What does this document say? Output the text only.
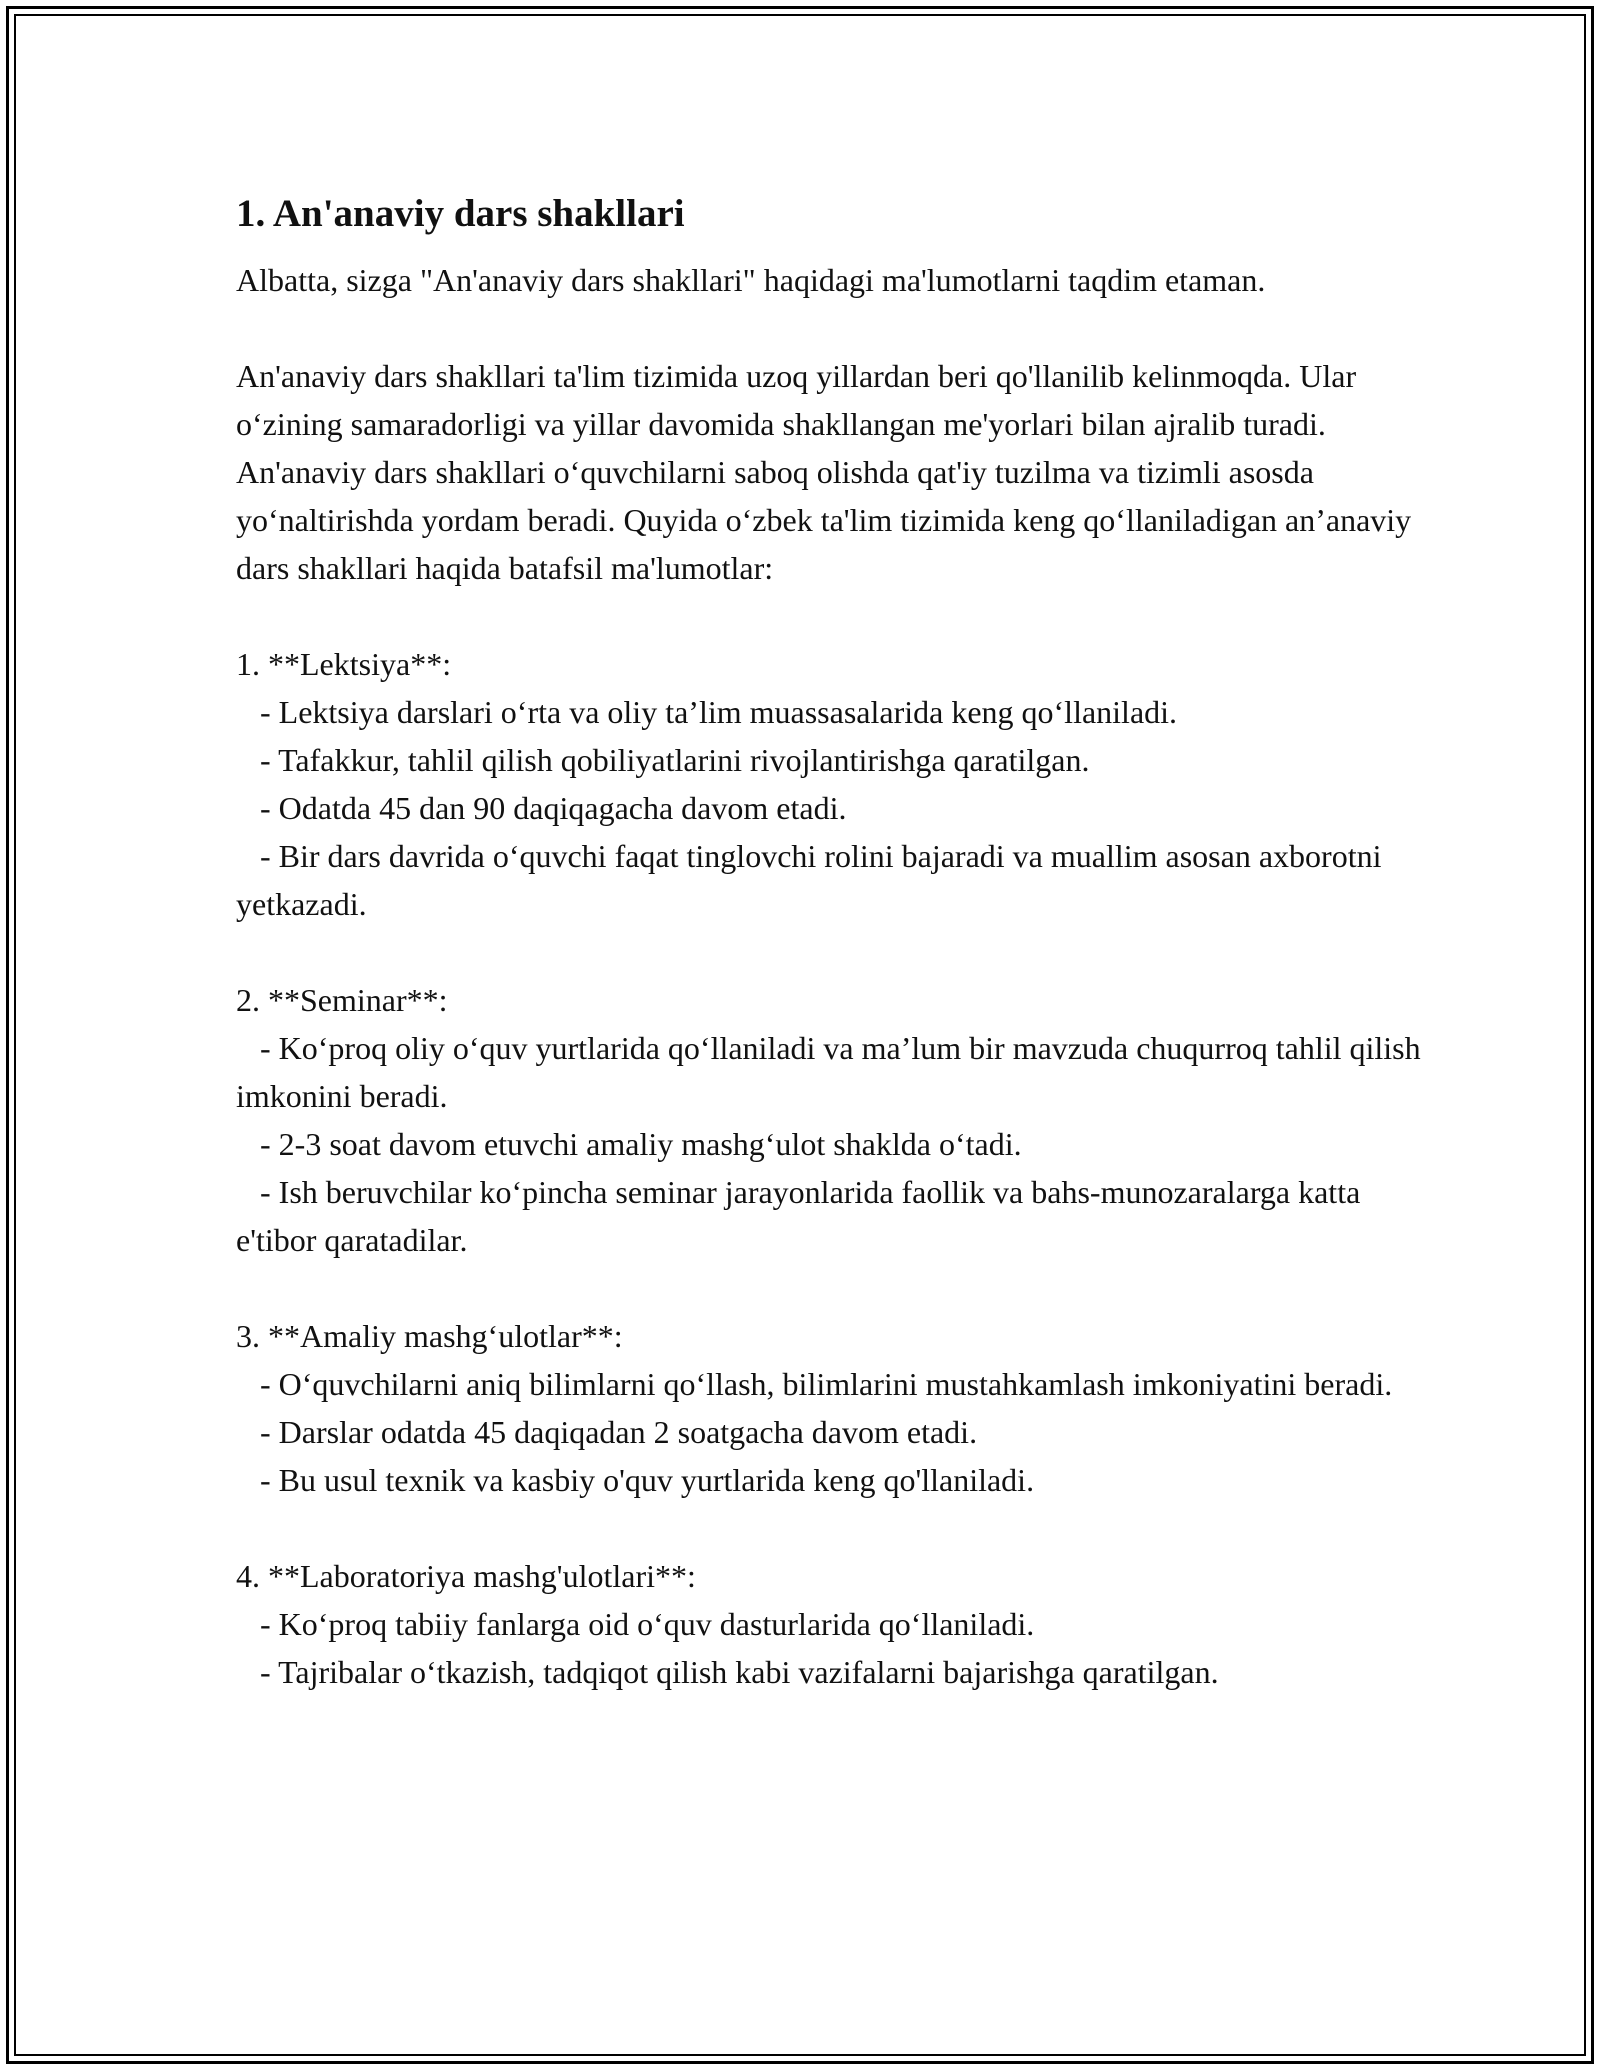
1. An'anaviy dars shakllari

Albatta, sizga "An'anaviy dars shakllari" haqidagi ma'lumotlarni taqdim etaman.

An'anaviy dars shakllari ta'lim tizimida uzoq yillardan beri qo'llanilib kelinmoqda. Ular o‘zining samaradorligi va yillar davomida shakllangan me'yorlari bilan ajralib turadi. An'anaviy dars shakllari o‘quvchilarni saboq olishda qat'iy tuzilma va tizimli asosda yo‘naltirishda yordam beradi. Quyida o‘zbek ta'lim tizimida keng qo‘llaniladigan an’anaviy dars shakllari haqida batafsil ma'lumotlar:

1. **Lektsiya**:
- Lektsiya darslari o‘rta va oliy ta’lim muassasalarida keng qo‘llaniladi.
- Tafakkur, tahlil qilish qobiliyatlarini rivojlantirishga qaratilgan.
- Odatda 45 dan 90 daqiqagacha davom etadi.
- Bir dars davrida o‘quvchi faqat tinglovchi rolini bajaradi va muallim asosan axborotni yetkazadi.
2. **Seminar**:
- Ko‘proq oliy o‘quv yurtlarida qo‘llaniladi va ma’lum bir mavzuda chuqurroq tahlil qilish imkonini beradi.
- 2-3 soat davom etuvchi amaliy mashg‘ulot shaklda o‘tadi.
- Ish beruvchilar ko‘pincha seminar jarayonlarida faollik va bahs-munozaralarga katta e'tibor qaratadilar.
3. **Amaliy mashg‘ulotlar**:
- O‘quvchilarni aniq bilimlarni qo‘llash, bilimlarini mustahkamlash imkoniyatini beradi.
- Darslar odatda 45 daqiqadan 2 soatgacha davom etadi.
- Bu usul texnik va kasbiy o'quv yurtlarida keng qo'llaniladi.
4. **Laboratoriya mashg'ulotlari**:
- Ko‘proq tabiiy fanlarga oid o‘quv dasturlarida qo‘llaniladi.
- Tajribalar o‘tkazish, tadqiqot qilish kabi vazifalarni bajarishga qaratilgan.
